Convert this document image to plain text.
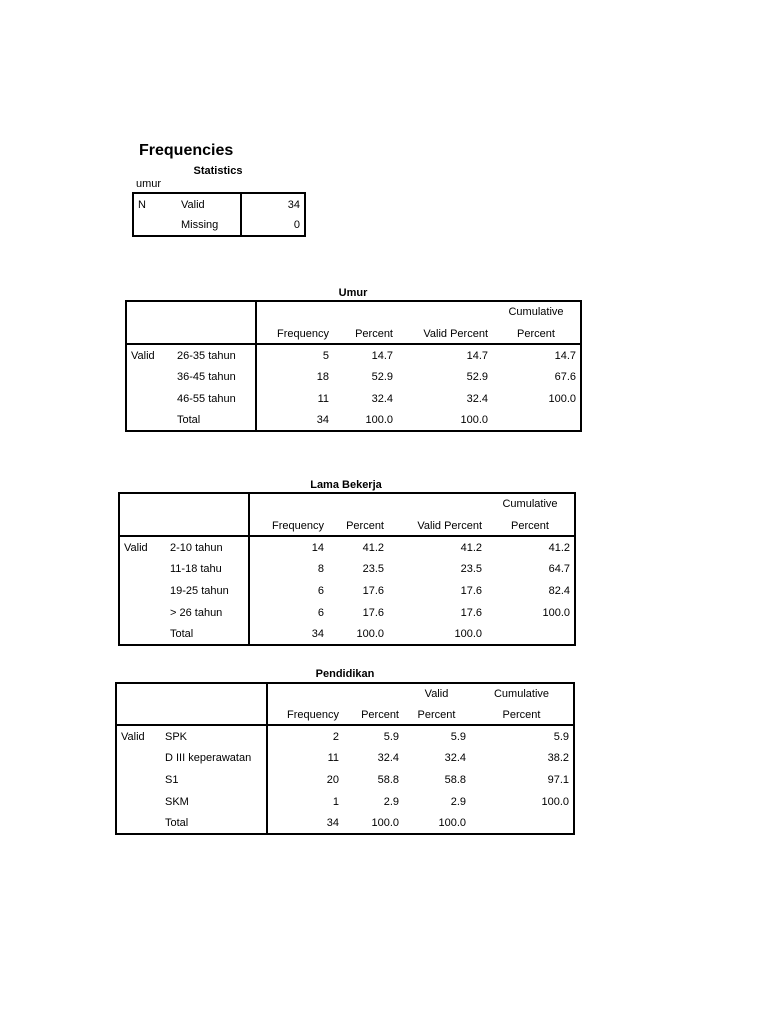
Frequencies
Statistics
umur
N	Valid	34
	Missing	0
Umur
					Cumulative
		Frequency	Percent	Valid Percent	Percent
Valid	26-35 tahun	5	14.7	14.7	14.7
	36-45 tahun	18	52.9	52.9	67.6
	46-55 tahun	11	32.4	32.4	100.0
	Total	34	100.0	100.0	
Lama Bekerja
					Cumulative
		Frequency	Percent	Valid Percent	Percent
Valid	2-10 tahun	14	41.2	41.2	41.2
	11-18 tahu	8	23.5	23.5	64.7
	19-25 tahun	6	17.6	17.6	82.4
	> 26 tahun	6	17.6	17.6	100.0
	Total	34	100.0	100.0	
Pendidikan
				Valid	Cumulative
		Frequency	Percent	Percent	Percent
Valid	SPK	2	5.9	5.9	5.9
	D III keperawatan	11	32.4	32.4	38.2
	S1	20	58.8	58.8	97.1
	SKM	1	2.9	2.9	100.0
	Total	34	100.0	100.0	
